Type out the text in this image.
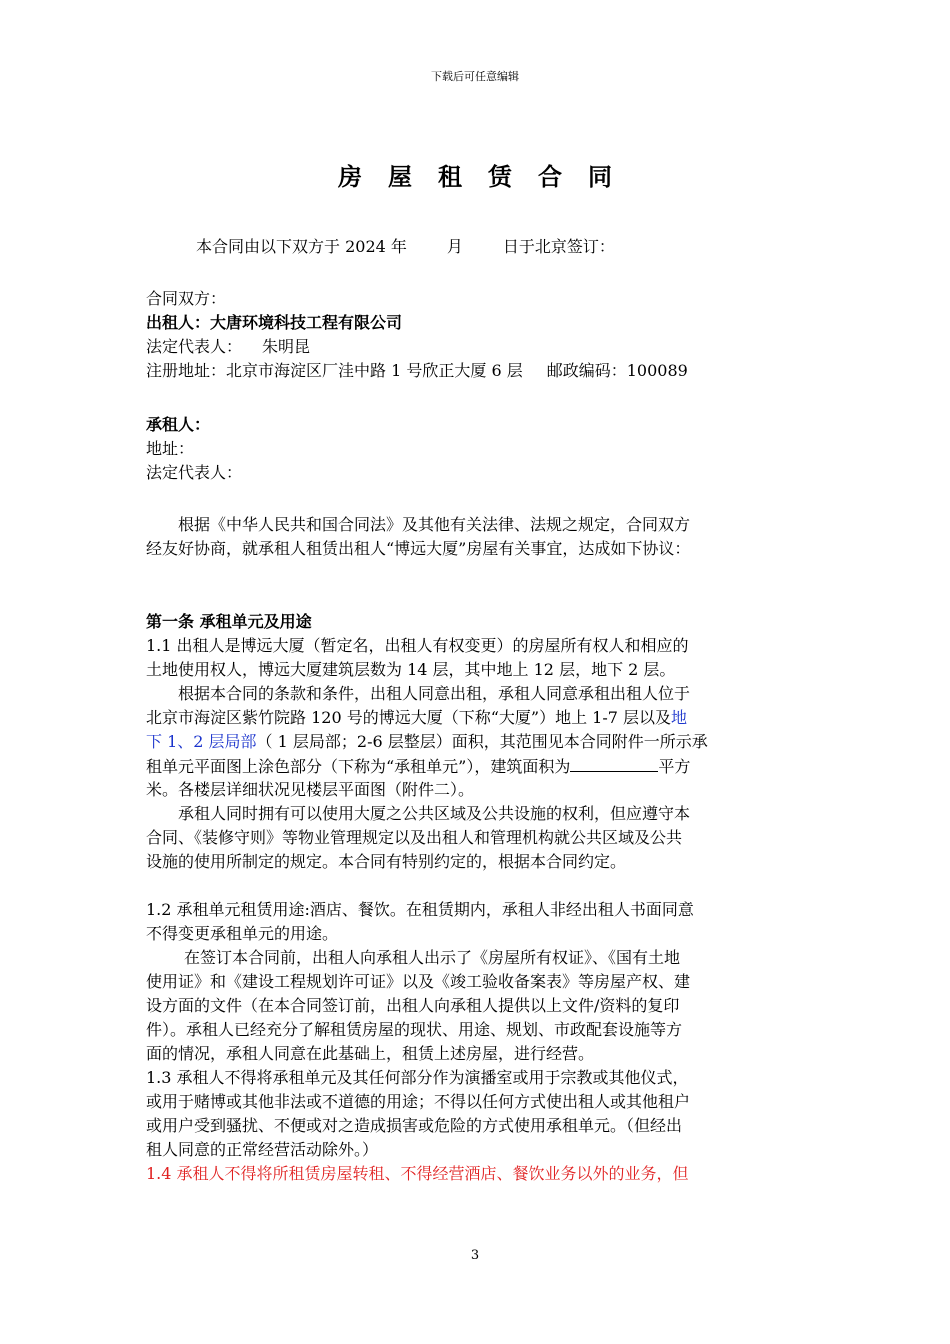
下载后可任意编辑
房屋租赁合同
本合同由以下双方于 2024 年	月	日于北京签订：
合同双方：
出租人：大唐环境科技工程有限公司
法定代表人： 朱明昆
注册地址：北京市海淀区厂洼中路 1 号欣正大厦 6 层 邮政编码：100089
承租人：
地址：
法定代表人：
根据《中华人民共和国合同法》及其他有关法律、法规之规定，合同双方
经友好协商，就承租人租赁出租人“博远大厦”房屋有关事宜，达成如下协议：
第一条 承租单元及用途
1.1 出租人是博远大厦（暂定名，出租人有权变更）的房屋所有权人和相应的
土地使用权人，博远大厦建筑层数为 14 层，其中地上 12 层，地下 2 层。
根据本合同的条款和条件，出租人同意出租，承租人同意承租出租人位于
北京市海淀区紫竹院路 120 号的博远大厦（下称“大厦”）地上 1-7 层以及地
下 1、2 层局部（ 1 层局部；2-6 层整层）面积，其范围见本合同附件一所示承
租单元平面图上涂色部分（下称为“承租单元”），建筑面积为	平方
米。各楼层详细状况见楼层平面图（附件二）。
承租人同时拥有可以使用大厦之公共区域及公共设施的权利，但应遵守本
合同、《装修守则》等物业管理规定以及出租人和管理机构就公共区域及公共
设施的使用所制定的规定。本合同有特别约定的，根据本合同约定。
1.2 承租单元租赁用途:酒店、餐饮。在租赁期内，承租人非经出租人书面同意
不得变更承租单元的用途。
在签订本合同前，出租人向承租人出示了《房屋所有权证》、《国有土地
使用证》和《建设工程规划许可证》以及《竣工验收备案表》等房屋产权、建
设方面的文件（在本合同签订前，出租人向承租人提供以上文件/资料的复印
件）。承租人已经充分了解租赁房屋的现状、用途、规划、市政配套设施等方
面的情况，承租人同意在此基础上，租赁上述房屋，进行经营。
1.3 承租人不得将承租单元及其任何部分作为演播室或用于宗教或其他仪式，
或用于赌博或其他非法或不道德的用途；不得以任何方式使出租人或其他租户
或用户受到骚扰、不便或对之造成损害或危险的方式使用承租单元。（但经出
租人同意的正常经营活动除外。）
1.4 承租人不得将所租赁房屋转租、不得经营酒店、餐饮业务以外的业务，但
3
